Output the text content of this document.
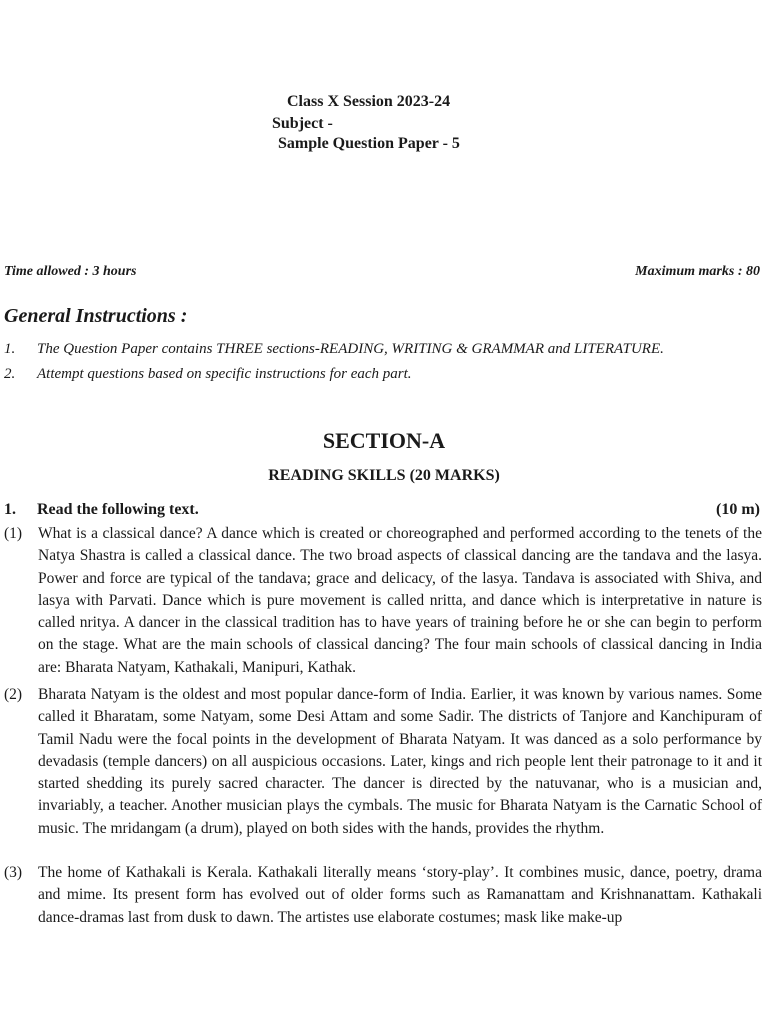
Class X Session 2023-24
Subject -
Sample Question Paper - 5
Time allowed : 3 hours	Maximum marks : 80
General Instructions :
1. The Question Paper contains THREE sections-READING, WRITING & GRAMMAR and LITERATURE.
2. Attempt questions based on specific instructions for each part.
SECTION-A
READING SKILLS (20 MARKS)
1. Read the following text.	(10 m)

(1) What is a classical dance? A dance which is created or choreographed and performed according to the tenets of the Natya Shastra is called a classical dance. The two broad aspects of classical dancing are the tandava and the lasya. Power and force are typical of the tandava; grace and delicacy, of the lasya. Tandava is associated with Shiva, and lasya with Parvati. Dance which is pure movement is called nritta, and dance which is interpretative in nature is called nritya. A dancer in the classical tradition has to have years of training before he or she can begin to perform on the stage. What are the main schools of classical dancing? The four main schools of classical dancing in India are: Bharata Natyam, Kathakali, Manipuri, Kathak.

(2) Bharata Natyam is the oldest and most popular dance-form of India. Earlier, it was known by various names. Some called it Bharatam, some Natyam, some Desi Attam and some Sadir. The districts of Tanjore and Kanchipuram of Tamil Nadu were the focal points in the development of Bharata Natyam. It was danced as a solo performance by devadasis (temple dancers) on all auspicious occasions. Later, kings and rich people lent their patronage to it and it started shedding its purely sacred character. The dancer is directed by the natuvanar, who is a musician and, invariably, a teacher. Another musician plays the cymbals. The music for Bharata Natyam is the Carnatic School of music. The mridangam (a drum), played on both sides with the hands, provides the rhythm.

(3) The home of Kathakali is Kerala. Kathakali literally means ‘story-play’. It combines music, dance, poetry, drama and mime. Its present form has evolved out of older forms such as Ramanattam and Krishnanattam. Kathakali dance-dramas last from dusk to dawn. The artistes use elaborate costumes; mask like make-up
